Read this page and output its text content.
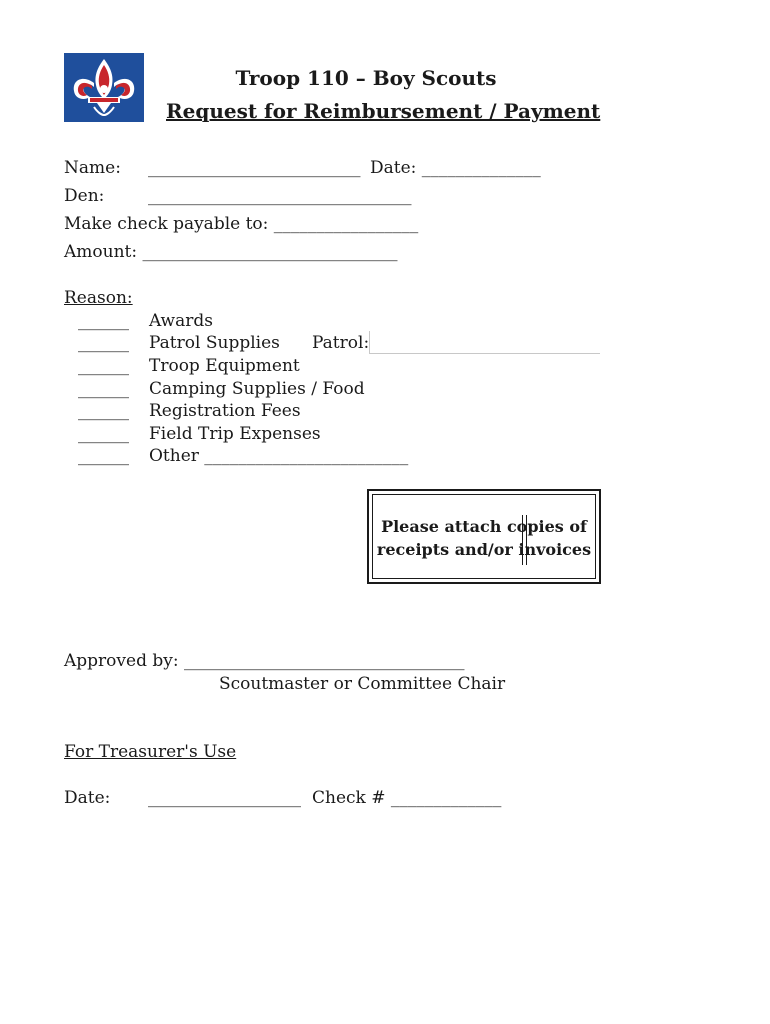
Troop 110 – Boy Scouts
Request for Reimbursement / Payment
Name: _________________________ Date: ______________
Den:	_______________________________
Make check payable to: _________________
Amount: ______________________________
Reason:
______ Awards
______ Patrol Supplies Patrol:
______ Troop Equipment
______ Camping Supplies / Food
______ Registration Fees
______ Field Trip Expenses
______ Other ________________________
Please attach copies of
receipts and/or invoices
Approved by: _________________________________
Scoutmaster or Committee Chair
For Treasurer's Use
Date: __________________ Check # _____________
